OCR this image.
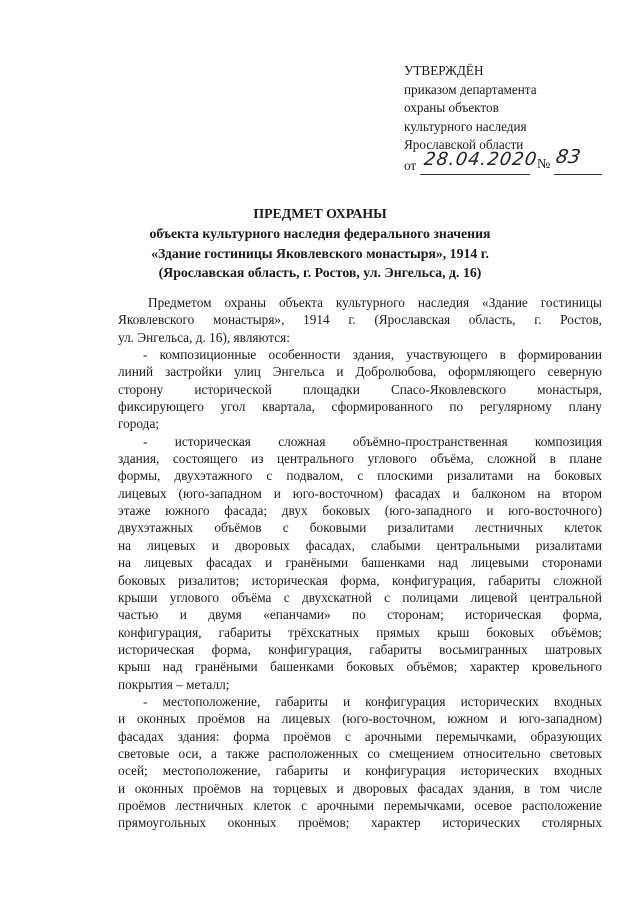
УТВЕРЖДЁН
приказом департамента
охраны объектов
культурного наследия
Ярославской области
от 28.04.2020
№ 83
ПРЕДМЕТ ОХРАНЫ
объекта культурного наследия федерального значения
«Здание гостиницы Яковлевского монастыря», 1914 г.
(Ярославская область, г. Ростов, ул. Энгельса, д. 16)
Предметом охраны объекта культурного наследия «Здание гостиницы
Яковлевского монастыря», 1914 г. (Ярославская область, г. Ростов,
ул. Энгельса, д. 16), являются:
- композиционные особенности здания, участвующего в формировании
линий застройки улиц Энгельса и Добролюбова, оформляющего северную
сторону исторической площадки Спасо-Яковлевского монастыря,
фиксирующего угол квартала, сформированного по регулярному плану
города;
- историческая сложная объёмно-пространственная композиция
здания, состоящего из центрального углового объёма, сложной в плане
формы, двухэтажного с подвалом, с плоскими ризалитами на боковых
лицевых (юго-западном и юго-восточном) фасадах и балконом на втором
этаже южного фасада; двух боковых (юго-западного и юго-восточного)
двухэтажных объёмов с боковыми ризалитами лестничных клеток
на лицевых и дворовых фасадах, слабыми центральными ризалитами
на лицевых фасадах и гранёными башенками над лицевыми сторонами
боковых ризалитов; историческая форма, конфигурация, габариты сложной
крыши углового объёма с двухскатной с полицами лицевой центральной
частью и двумя «епанчами» по сторонам; историческая форма,
конфигурация, габариты трёхскатных прямых крыш боковых объёмов;
историческая форма, конфигурация, габариты восьмигранных шатровых
крыш над гранёными башенками боковых объёмов; характер кровельного
покрытия – металл;
- местоположение, габариты и конфигурация исторических входных
и оконных проёмов на лицевых (юго-восточном, южном и юго-западном)
фасадах здания: форма проёмов с арочными перемычками, образующих
световые оси, а также расположенных со смещением относительно световых
осей; местоположение, габариты и конфигурация исторических входных
и оконных проёмов на торцевых и дворовых фасадах здания, в том числе
проёмов лестничных клеток с арочными перемычками, осевое расположение
прямоугольных оконных проёмов; характер исторических столярных
